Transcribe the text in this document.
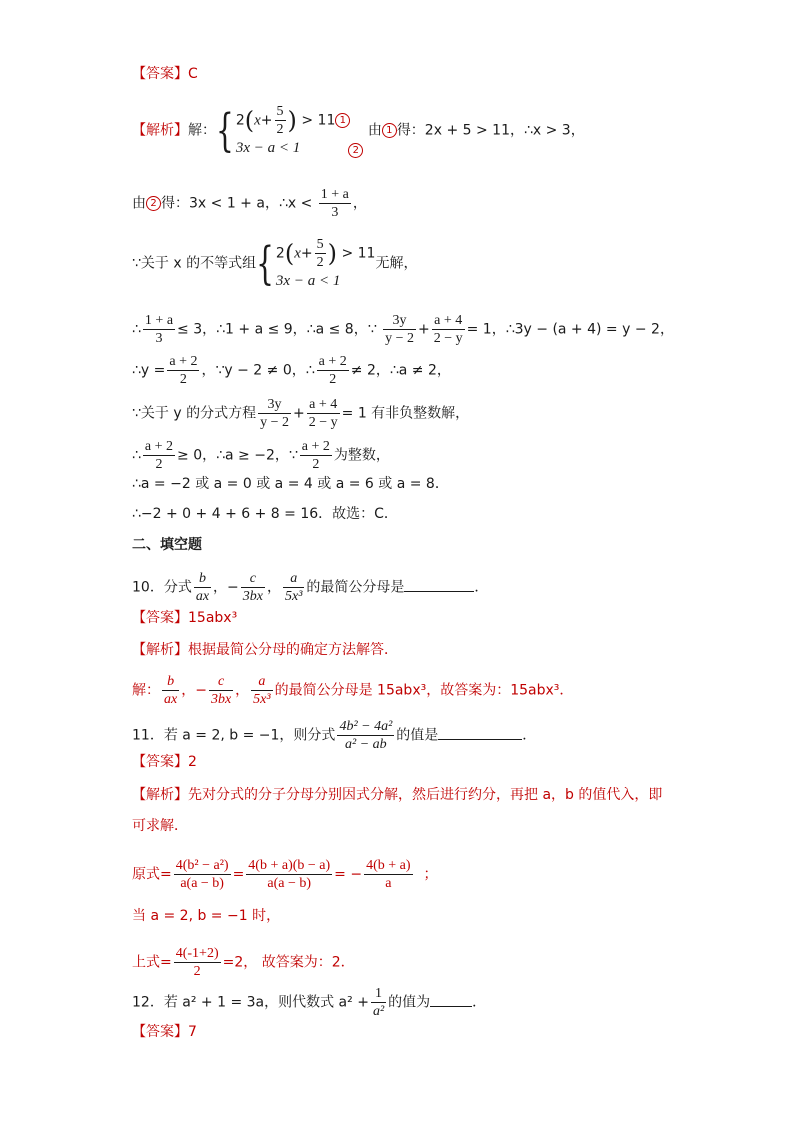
【答案】C
【解析】解：{ $2(x+ \frac{5}{2}$ ) > 11 1
3x − a < 1	2 由 1 得：2x + 5 > 11，∴x > 3，
由 2 得：3x < 1 + a，∴x < $\frac{1 + a}{3}$ ，
∵关于 x 的不等式组{ $2(x+ \frac{5}{2}$ ) > 11
3x − a < 1
无解，
∴ $\frac{1 + a}{3} \le 3$，∴1 + a ≤ 9，∴a ≤ 8，∵ $\frac{3y}{y - 2} + \frac{a + 4}{2 - y} = 1$，∴3y − (a + 4) = y − 2，
∴y = $\frac{a + 2}{2}$ ，∵y − 2 ≠ 0，∴ $\frac{a + 2}{2} \ne 2$，∴a ≠ 2，
∵关于 y 的分式方程 $\frac{3y}{y - 2} + \frac{a + 4}{2 - y} = 1$ 有非负整数解，
∴ $\frac{a + 2}{2} \ge 0$，∴a ≥ −2，∵ $\frac{a + 2}{2}$ 为整数，
∴a = −2 或 a = 0 或 a = 4 或 a = 6 或 a = 8．
∴−2 + 0 + 4 + 6 + 8 = 16．故选：C．
二、填空题
10．分式 $\frac{b}{ax}$ ，− $\frac{c}{3bx}$ ， $\frac{a}{\text{5x³}}$ 的最简公分母是	．
【答案】15abx³
【解析】根据最简公分母的确定方法解答．
解： $\frac{b}{ax}$ ，− $\frac{c}{3bx}$ ， $\frac{a}{\text{5x³}}$ 的最简公分母是 15abx³，故答案为：15abx³．
11．若 a = 2, b = −1，则分式 $\frac{\text{4b² − 4a²}}{\text{a² − ab}}$ 的值是	．
【答案】2
【解析】先对分式的分子分母分别因式分解，然后进行约分，再把 a，b 的值代入，即
可求解．
原式= $\frac{\text{4(b² − a²)}}{a(a - b)} = \frac{4(b + a)(b - a)}{a(a - b)}$ = − $\frac{4(b + a)}{a}$ ；
当 a = 2, b = −1 时，
上式= $\frac{4(-1+2)}{2} =2$， 故答案为：2．
12．若 a² + 1 = 3a，则代数式 $a^2 + \frac{1}{\text{a²}}$ 的值为	．
【答案】7
